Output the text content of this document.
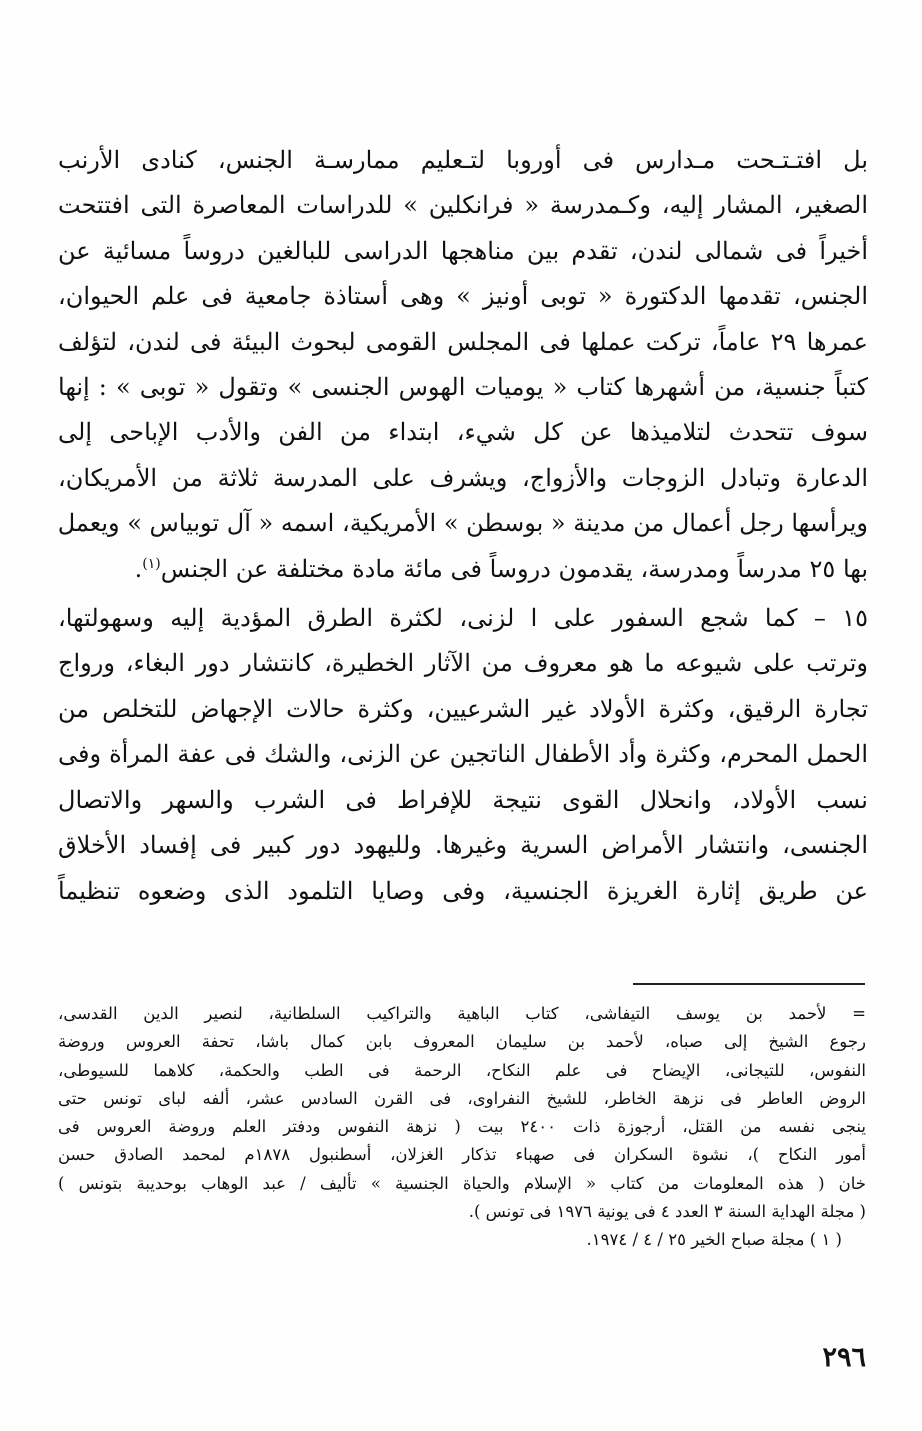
بل افتـتـحت مـدارس فى أوروبا لتـعليم ممارسـة الجنس، كنادى الأرنب
الصغير، المشار إليه، وكـمدرسة « فرانكلين » للدراسات المعاصرة التى افتتحت
أخيراً فى شمالى لندن، تقدم بين مناهجها الدراسى للبالغين دروساً مسائية عن
الجنس، تقدمها الدكتورة « توبى أونيز » وهى أستاذة جامعية فى علم الحيوان،
عمرها ٢٩ عاماً، تركت عملها فى المجلس القومى لبحوث البيئة فى لندن، لتؤلف
كتباً جنسية، من أشهرها كتاب « يوميات الهوس الجنسى » وتقول « توبى » : إنها
سوف تتحدث لتلاميذها عن كل شيء، ابتداء من الفن والأدب الإباحى إلى
الدعارة وتبادل الزوجات والأزواج، ويشرف على المدرسة ثلاثة من الأمريكان،
ويرأسها رجل أعمال من مدينة « بوسطن » الأمريكية، اسمه « آل توبياس » ويعمل
بها ٢٥ مدرساً ومدرسة، يقدمون دروساً فى مائة مادة مختلفة عن الجنس$^{(١)}$.

١٥ – كما شجع السفور على ا لزنى، لكثرة الطرق المؤدية إليه وسهولتها،
وترتب على شيوعه ما هو معروف من الآثار الخطيرة، كانتشار دور البغاء، ورواج
تجارة الرقيق، وكثرة الأولاد غير الشرعيين، وكثرة حالات الإجهاض للتخلص من
الحمل المحرم، وكثرة وأد الأطفال الناتجين عن الزنى، والشك فى عفة المرأة وفى
نسب الأولاد، وانحلال القوى نتيجة للإفراط فى الشرب والسهر والاتصال
الجنسى، وانتشار الأمراض السرية وغيرها. ولليهود دور كبير فى إفساد الأخلاق
عن طريق إثارة الغريزة الجنسية، وفى وصايا التلمود الذى وضعوه تنظيماً

= لأحمد بن يوسف التيفاشى، كتاب الباهية والتراكيب السلطانية، لنصير الدين القدسى،
رجوع الشيخ إلى صباه، لأحمد بن سليمان المعروف بابن كمال باشا، تحفة العروس وروضة
النفوس، للتيجانى، الإيضاح فى علم النكاح، الرحمة فى الطب والحكمة، كلاهما للسيوطى،
الروض العاطر فى نزهة الخاطر، للشيخ النفراوى، فى القرن السادس عشر، ألفه لباى تونس حتى
ينجى نفسه من القتل، أرجوزة ذات ٢٤٠٠ بيت ( نزهة النفوس ودفتر العلم وروضة العروس فى
أمور النكاح )، نشوة السكران فى صهباء تذكار الغزلان، أسطنبول ١٨٧٨م لمحمد الصادق حسن
خان ( هذه المعلومات من كتاب « الإسلام والحياة الجنسية » تأليف / عبد الوهاب بوحديبة بتونس )
( مجلة الهداية السنة ٣ العدد ٤ فى يونية ١٩٧٦ فى تونس ).

( ١ ) مجلة صباح الخير ٢٥ / ٤ / ١٩٧٤.

٢٩٦
